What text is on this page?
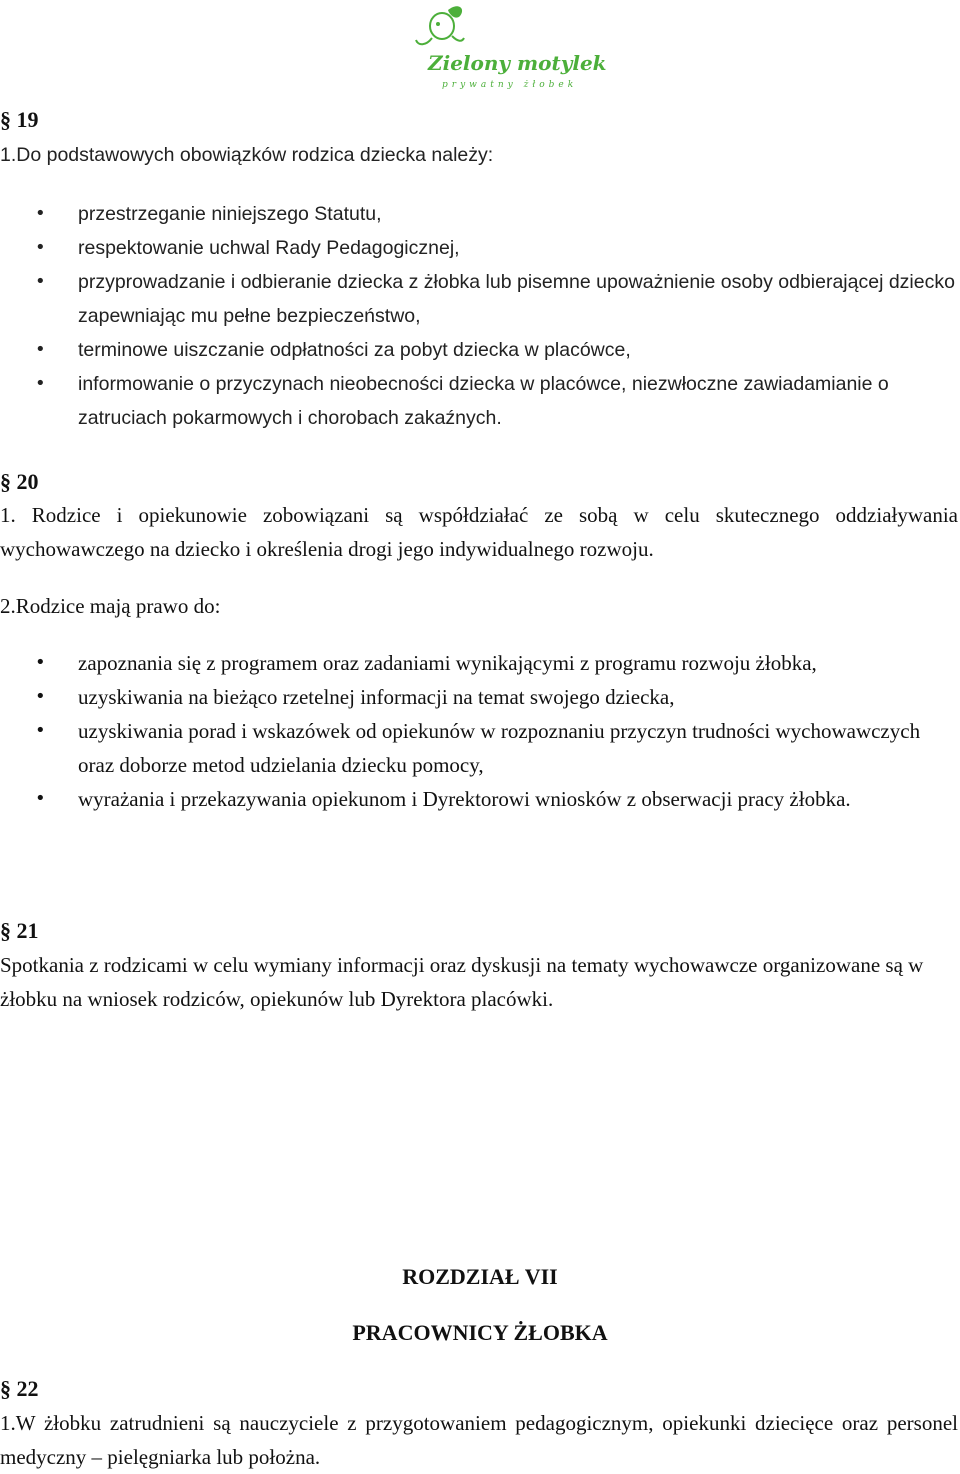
Zielony motylek
prywatny żłobek
§ 19
1.Do podstawowych obowiązków rodzica dziecka należy:
• przestrzeganie niniejszego Statutu,
• respektowanie uchwal Rady Pedagogicznej,
• przyprowadzanie i odbieranie dziecka z żłobka lub pisemne upoważnienie osoby odbierającej dziecko zapewniając mu pełne bezpieczeństwo,
• terminowe uiszczanie odpłatności za pobyt dziecka w placówce,
• informowanie o przyczynach nieobecności dziecka w placówce, niezwłoczne zawiadamianie o zatruciach pokarmowych i chorobach zakaźnych.
§ 20
1. Rodzice i opiekunowie zobowiązani są współdziałać ze sobą w celu skutecznego oddziaływania wychowawczego na dziecko i określenia drogi jego indywidualnego rozwoju.
2.Rodzice mają prawo do:
• zapoznania się z programem oraz zadaniami wynikającymi z programu rozwoju żłobka,
• uzyskiwania na bieżąco rzetelnej informacji na temat swojego dziecka,
• uzyskiwania porad i wskazówek od opiekunów w rozpoznaniu przyczyn trudności wychowawczych oraz doborze metod udzielania dziecku pomocy,
• wyrażania i przekazywania opiekunom i Dyrektorowi wniosków z obserwacji pracy żłobka.
§ 21
Spotkania z rodzicami w celu wymiany informacji oraz dyskusji na tematy wychowawcze organizowane są w żłobku na wniosek rodziców, opiekunów lub Dyrektora placówki.
ROZDZIAŁ VII
PRACOWNICY ŻŁOBKA
§ 22
1.W żłobku zatrudnieni są nauczyciele z przygotowaniem pedagogicznym, opiekunki dziecięce oraz personel medyczny – pielęgniarka lub położna.
